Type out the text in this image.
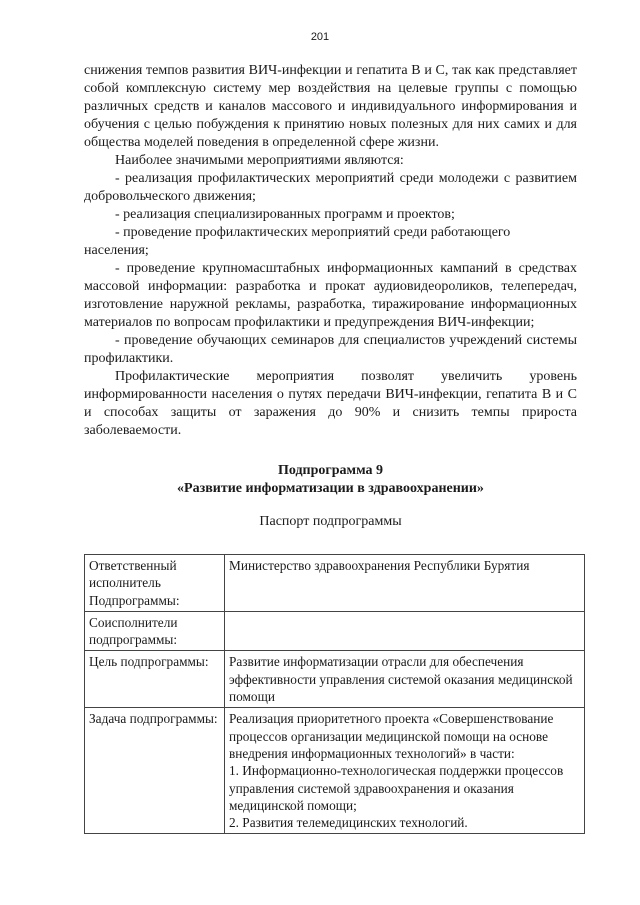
201

снижения темпов развития ВИЧ-инфекции и гепатита В и С, так как представляет собой комплексную систему мер воздействия на целевые группы с помощью различных средств и каналов массового и индивидуального информирования и обучения с целью побуждения к принятию новых полезных для них самих и для общества моделей поведения в определенной сфере жизни.

Наиболее значимыми мероприятиями являются:

- реализация профилактических мероприятий среди молодежи с развитием добровольческого движения;

- реализация специализированных программ и проектов;

- проведение профилактических мероприятий среди работающего населения;

- проведение крупномасштабных информационных кампаний в средствах массовой информации: разработка и прокат аудиовидеороликов, телепередач, изготовление наружной рекламы, разработка, тиражирование информационных материалов по вопросам профилактики и предупреждения ВИЧ-инфекции;

- проведение обучающих семинаров для специалистов учреждений системы профилактики.

Профилактические мероприятия позволят увеличить уровень информированности населения о путях передачи ВИЧ-инфекции, гепатита В и С и способах защиты от заражения до 90% и снизить темпы прироста заболеваемости.

Подпрограмма 9
«Развитие информатизации в здравоохранении»
Паспорт подпрограммы
Ответственный исполнитель Подпрограммы:	Министерство здравоохранения Республики Бурятия

Соисполнители подпрограммы:	

Цель подпрограммы:	Развитие информатизации отрасли для обеспечения эффективности управления системой оказания медицинской помощи

Задача подпрограммы:	Реализация приоритетного проекта «Совершенствование процессов организации медицинской помощи на основе внедрения информационных технологий» в части:
1. Информационно-технологическая поддержки процессов управления системой здравоохранения и оказания медицинской помощи;
2. Развития телемедицинских технологий.
